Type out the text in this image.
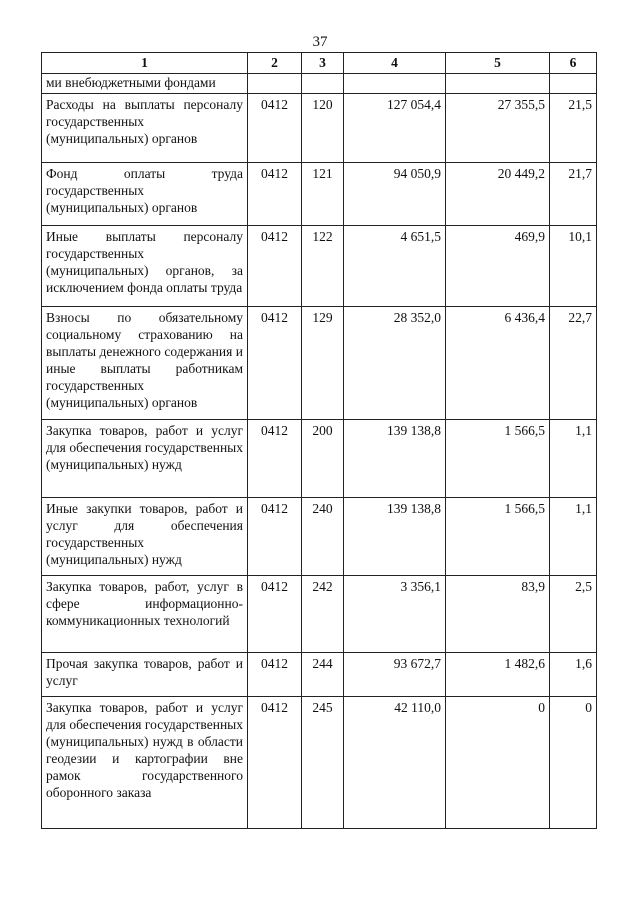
37
1	2	3	4	5	6
ми внебюджетными фондами					
Расходы на выплаты персоналу государственных (муниципальных) органов	0412	120	127 054,4	27 355,5	21,5
Фонд оплаты труда государственных (муниципальных) органов	0412	121	94 050,9	20 449,2	21,7
Иные выплаты персоналу государственных (муниципальных) органов, за исключением фонда оплаты труда	0412	122	4 651,5	469,9	10,1
Взносы по обязательному социальному страхованию на выплаты денежного содержания и иные выплаты работникам государственных (муниципальных) органов	0412	129	28 352,0	6 436,4	22,7
Закупка товаров, работ и услуг для обеспечения государственных (муниципальных) нужд	0412	200	139 138,8	1 566,5	1,1
Иные закупки товаров, работ и услуг для обеспечения государственных (муниципальных) нужд	0412	240	139 138,8	1 566,5	1,1
Закупка товаров, работ, услуг в сфере информационно-коммуникационных технологий	0412	242	3 356,1	83,9	2,5
Прочая закупка товаров, работ и услуг	0412	244	93 672,7	1 482,6	1,6
Закупка товаров, работ и услуг для обеспечения государственных (муниципальных) нужд в области геодезии и картографии вне рамок государственного оборонного заказа	0412	245	42 110,0	0	0
